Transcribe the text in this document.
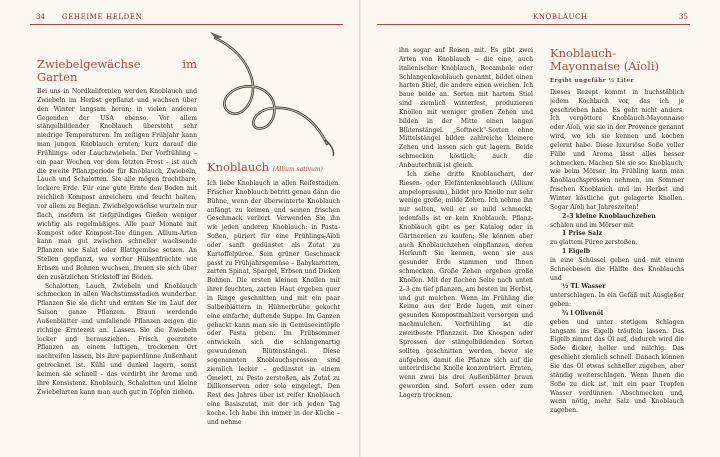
34 GEHEIME HELDEN
Zwiebelgewächse im Garten

Bei uns in Nordkalifornien werden Knoblauch und Zwiebeln im Herbst gepflanzt und wachsen über den Winter langsam heran; in vielen anderen Gegenden der USA ebenso. Vor allem stängelbildender Knoblauch übersteht sehr niedrige Temperaturen. Im zeitigen Frühjahr kann man jungen Knoblauch ernten; kurz darauf die Frühlings- oder Lauchzwiebeln. Der Vorfrühling – ein paar Wochen vor dem letzten Frost – ist auch die zweite Pflanzperiode für Knoblauch, Zwiebeln, Lauch und Schalotten. Sie alle mögen fruchtbare, lockere Erde. Für eine gute Ernte den Boden mit reichlich Kompost anreichern und feucht halten, vor allem zu Beginn. Zwiebelgewächse wurzeln nur flach, insofern ist tiefgründiges Gießen weniger wichtig als regelmäßiges. Alle paar Monate mit Kompost oder Kompost-Tee düngen. Allium-Arten kann man gut zwischen schneller wachsende Pflanzen wie Salat oder Blattgemüse setzen. An Stellen gepflanzt, wo vorher Hülsenfrüchte wie Erbsen und Bohnen wuchsen, freuen sie sich über den zusätzlichen Stickstoff im Boden.

Schalotten, Lauch, Zwiebeln und Knoblauch schmecken in allen Wachstumsstadien wunderbar. Pflanzen Sie sie dicht und ernten Sie im Lauf der Saison ganze Pflanzen. Braun werdende Außenblätter und umfallende Pflanzen zeigen die richtige Erntezeit an. Lassen Sie die Zwiebeln locker und herausziehen. Frisch geerntete Pflanzen an einem luftigen, trockenen Ort nachreifen lassen, bis ihre papierdünne Außenhaut getrocknet ist. Kühl und dunkel lagern, sonst keimen sie schnell – das verdirbt ihr Aroma und ihre Konsistenz. Knoblauch, Schalotten und kleine Zwiebelarten kann man auch gut in Töpfen ziehen.

Knoblauch (Allium sativum)

Ich liebe Knoblauch in allen Reifestadien. Frischer Knoblauch betritt genau dann die Bühne, wenn der überwinterte Knoblauch anfängt zu keimen und seinen frischen Geschmack verliert. Verwenden Sie ihn wie jeden anderen Knoblauch: in Pasta-Soßen, püriert für eine Frühlings-Aïoli oder sanft gedünstet als Zutat zu Kartoffelpüree. Sein grüner Geschmack passt zu Frühjahrsgemüse – Babykarotten, zarten Spinat, Spargel, Erbsen und Dicken Bohnen. Die ersten kleinen Knollen mit ihrer feuchten, zarten Haut ergeben quer in Ringe geschnitten und mit ein paar Salbeiblättern in Hühnerbrühe gekocht eine einfache, duftende Suppe. Im Ganzen gebackt kann man sie in Gemüseeintöpfe oder Pasta geben. Im Frühsommer entwickeln sich die schlangenartig gewundenen Blütenstängel. Diese sogenannten Knoblauchsprossen sind ziemlich lecker – gedünstet in einem Omelett, zu Pesto zerstoßen, als Zutat zu Dillkonserven oder solo eingelegt. Den Rest des Jahres über ist reifer Knoblauch eine Basiszutat, mit der ich jeden Tag koche. Ich habe ihn immer in der Küche – und nehme

KNOBLAUCH	35

ihn sogar auf Reisen mit. Es gibt zwei Arten von Knoblauch – die eine, auch italienischer Knoblauch, Rocambole oder Schlangenknoblauch genannt, bildet einen harten Stiel, die andere einen weichen. Ich baue beide an. Sorten mit hartem Stiel sind ziemlich winterfest, produzieren Knollen mit weniger großen Zehen und bilden in der Mitte einen langen Blütenstängel. „Softneck"-Sorten ohne Mittelstängel bilden zahlreiche kleinere Zehen und lassen sich gut lagern. Beide schmecken köstlich; auch die Anbautechnik ist gleich.

Ich ziehe dritte Knoblauchart, der Riesen- oder Elefantenknoblauch (Allium ampeloprasum), bildet pro Knolle nur sehr wenige große, milde Zehen. Ich nehme ihn nur selten, weil er so mild schmeckt; jedenfalls ist er kein Knoblauch. Pflanz-Knoblauch gibt es per Katalog oder in Gärtnereien zu kaufen; Sie können aber auch Knoblauchzehen einpflanzen, deren Herkunft Sie kennen, wenn sie aus gesunder Erde stammen und Ihnen schmecken. Große Zehen ergeben große Knollen. Mit der flachen Seite nach unten 2–3 cm tief pflanzen, am besten im Herbst, und gut mulchen. Wenn im Frühling die Keime aus der Erde lugen, mit einer gesunden Kompostmahlzeit versorgen und nachmulchen. Vorfrühling ist die zweitbeste Pflanzzeit. Die Knospen oder Sprossen der stängelbildenden Sorten sollten geschnitten werden, bevor sie aufgehen, damit die Pflanze sich auf die unterirdische Knolle konzentriert. Ernten, wenn zwei bis drei Außenblätter braun geworden sind. Sofort essen oder zum Lagern trocknen.

Knoblauch-Mayonnaise (Aïoli)
Ergibt ungefähr ⅓ Liter

Dieses Rezept kommt in buchstäblich jedem Kochbuch vor, das ich je geschrieben habe. Es geht nicht anders. Ich vergöttere Knoblauch-Mayonnaise oder Aïoli, wie sie in der Provence genannt wird, wo ich sie kennen und kochen gelernt habe. Diese luxuriöse Soße voller Fülle und Aroma lässt alles besser schmecken. Machen Sie sie so: Knoblauch, wie beim Mörser. Im Frühling kann man Knoblauchsprossen nehmen, im Sommer frischen Knoblauch und im Herbst und Winter köstliche gut gelagerte Knollen. Sogar Aïoli hat Jahreszeiten!

2–3 kleine Knoblauchzehen

schälen und im Mörser mit

1 Prise Salz

zu glattem Püree zerstoßen.

1 Eigelb

in eine Schüssel geben und mit einem Schneebesen die Hälfte des Knoblauchs und

½ TL Wasser

unterschlagen. In ein Gefäß mit Ausgießer geben:

¾ l Olivenöl

geben und unter stetigem Schlagen langsam ins Eigelb träufeln lassen. Das Eigelb nimmt das Öl auf, dadurch wird die Soße dicker, heller und milchig. Das geschieht ziemlich schnell. Danach können Sie das Öl etwas schneller zugeben, aber ständig weiterschlagen. Wenn Ihnen die Soße zu dick ist, mit ein paar Tropfen Wasser verdünnen. Abschmecken und, wenn nötig, mehr Salz und Knoblauch zugeben.
